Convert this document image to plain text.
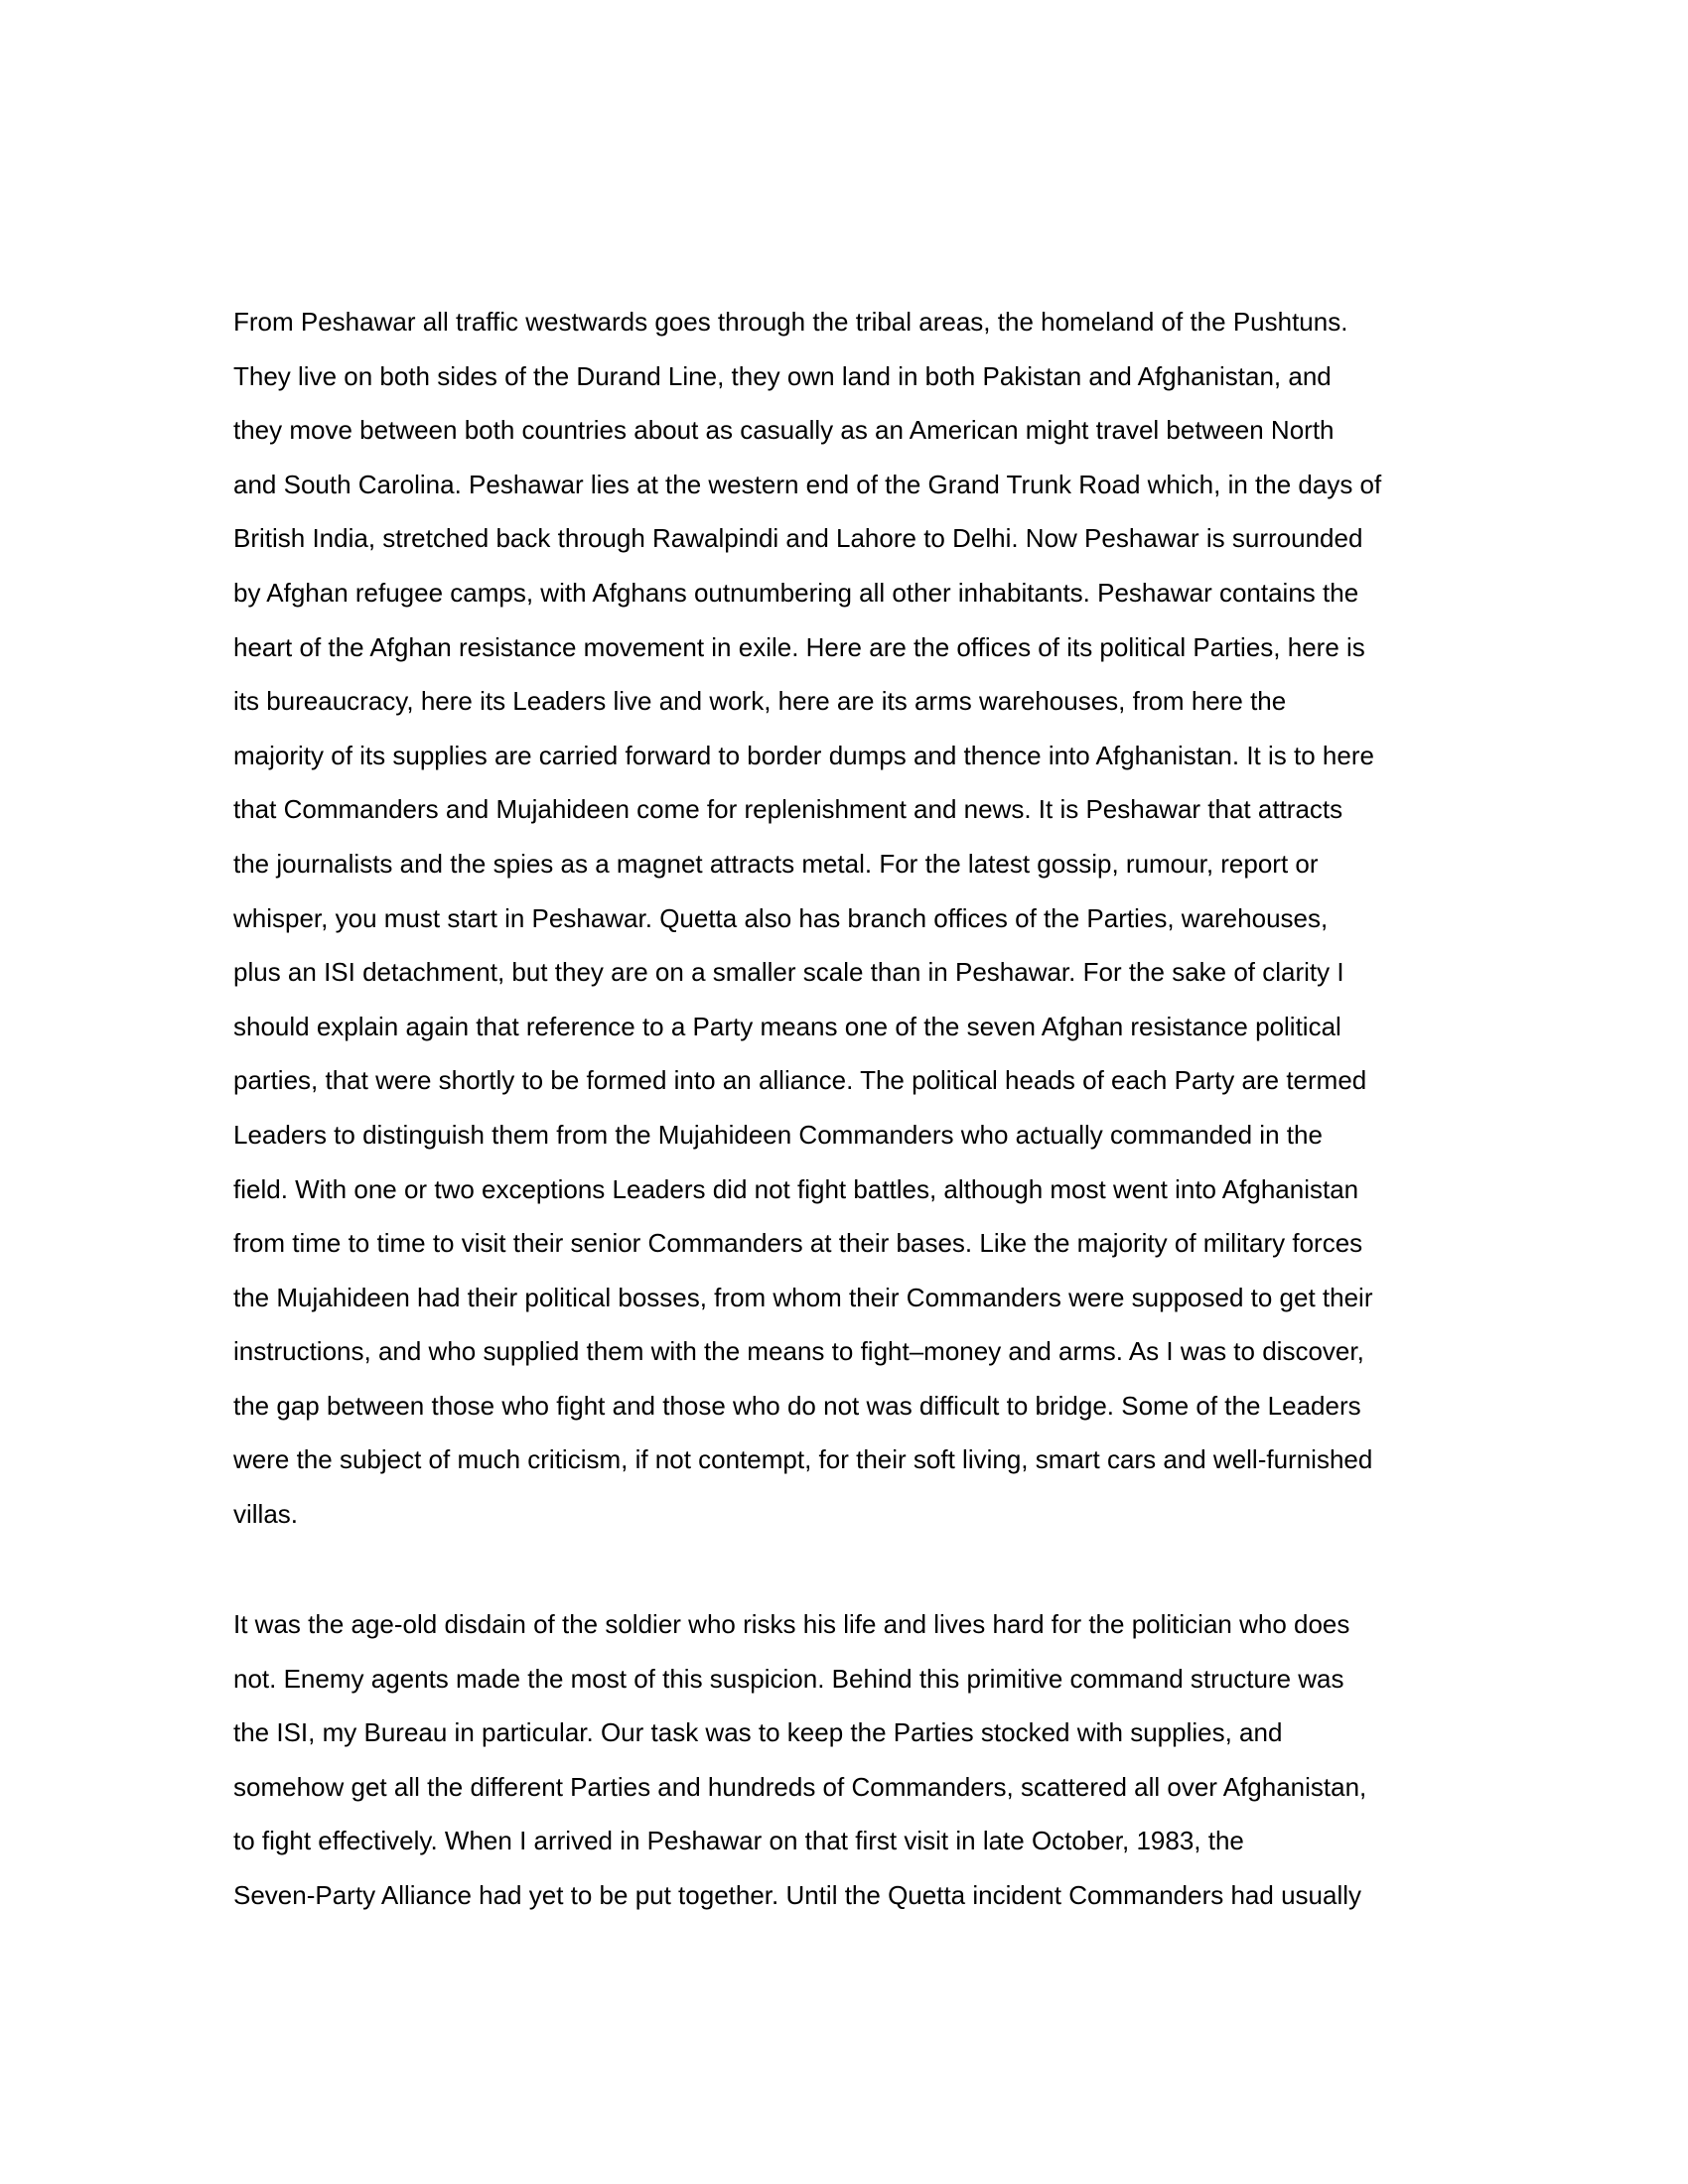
From Peshawar all traffic westwards goes through the tribal areas, the homeland of the Pushtuns.
They live on both sides of the Durand Line, they own land in both Pakistan and Afghanistan, and
they move between both countries about as casually as an American might travel between North
and South Carolina. Peshawar lies at the western end of the Grand Trunk Road which, in the days of
British India, stretched back through Rawalpindi and Lahore to Delhi. Now Peshawar is surrounded
by Afghan refugee camps, with Afghans outnumbering all other inhabitants. Peshawar contains the
heart of the Afghan resistance movement in exile. Here are the offices of its political Parties, here is
its bureaucracy, here its Leaders live and work, here are its arms warehouses, from here the
majority of its supplies are carried forward to border dumps and thence into Afghanistan. It is to here
that Commanders and Mujahideen come for replenishment and news. It is Peshawar that attracts
the journalists and the spies as a magnet attracts metal. For the latest gossip, rumour, report or
whisper, you must start in Peshawar. Quetta also has branch offices of the Parties, warehouses,
plus an ISI detachment, but they are on a smaller scale than in Peshawar. For the sake of clarity I
should explain again that reference to a Party means one of the seven Afghan resistance political
parties, that were shortly to be formed into an alliance. The political heads of each Party are termed
Leaders to distinguish them from the Mujahideen Commanders who actually commanded in the
field. With one or two exceptions Leaders did not fight battles, although most went into Afghanistan
from time to time to visit their senior Commanders at their bases. Like the majority of military forces
the Mujahideen had their political bosses, from whom their Commanders were supposed to get their
instructions, and who supplied them with the means to fight–money and arms. As I was to discover,
the gap between those who fight and those who do not was difficult to bridge. Some of the Leaders
were the subject of much criticism, if not contempt, for their soft living, smart cars and well-furnished
villas.
It was the age-old disdain of the soldier who risks his life and lives hard for the politician who does
not. Enemy agents made the most of this suspicion. Behind this primitive command structure was
the ISI, my Bureau in particular. Our task was to keep the Parties stocked with supplies, and
somehow get all the different Parties and hundreds of Commanders, scattered all over Afghanistan,
to fight effectively. When I arrived in Peshawar on that first visit in late October, 1983, the
Seven-Party Alliance had yet to be put together. Until the Quetta incident Commanders had usually
